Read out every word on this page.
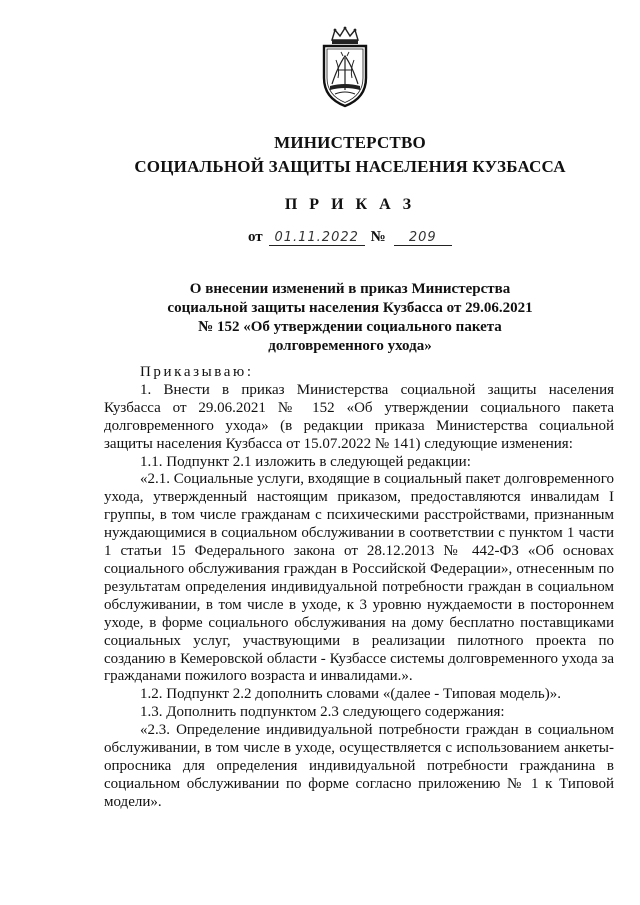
МИНИСТЕРСТВО
СОЦИАЛЬНОЙ ЗАЩИТЫ НАСЕЛЕНИЯ КУЗБАССА
П Р И К А З
от 01.11.2022 №	209
О внесении изменений в приказ Министерства
социальной защиты населения Кузбасса от 29.06.2021
№ 152 «Об утверждении социального пакета
долговременного ухода»

Приказываю:

1. Внести в приказ Министерства социальной защиты населения Кузбасса от 29.06.2021 № 152 «Об утверждении социального пакета долговременного ухода» (в редакции приказа Министерства социальной защиты населения Кузбасса от 15.07.2022 № 141) следующие изменения:

1.1. Подпункт 2.1 изложить в следующей редакции:

«2.1. Социальные услуги, входящие в социальный пакет долговременного ухода, утвержденный настоящим приказом, предоставляются инвалидам I группы, в том числе гражданам с психическими расстройствами, признанным нуждающимися в социальном обслуживании в соответствии с пунктом 1 части 1 статьи 15 Федерального закона от 28.12.2013 № 442-ФЗ «Об основах социального обслуживания граждан в Российской Федерации», отнесенным по результатам определения индивидуальной потребности граждан в социальном обслуживании, в том числе в уходе, к 3 уровню нуждаемости в постороннем уходе, в форме социального обслуживания на дому бесплатно поставщиками социальных услуг, участвующими в реализации пилотного проекта по созданию в Кемеровской области - Кузбассе системы долговременного ухода за гражданами пожилого возраста и инвалидами.».

1.2. Подпункт 2.2 дополнить словами «(далее - Типовая модель)».

1.3. Дополнить подпунктом 2.3 следующего содержания:

«2.3. Определение индивидуальной потребности граждан в социальном обслуживании, в том числе в уходе, осуществляется с использованием анкеты-опросника для определения индивидуальной потребности гражданина в социальном обслуживании по форме согласно приложению № 1 к Типовой модели».
